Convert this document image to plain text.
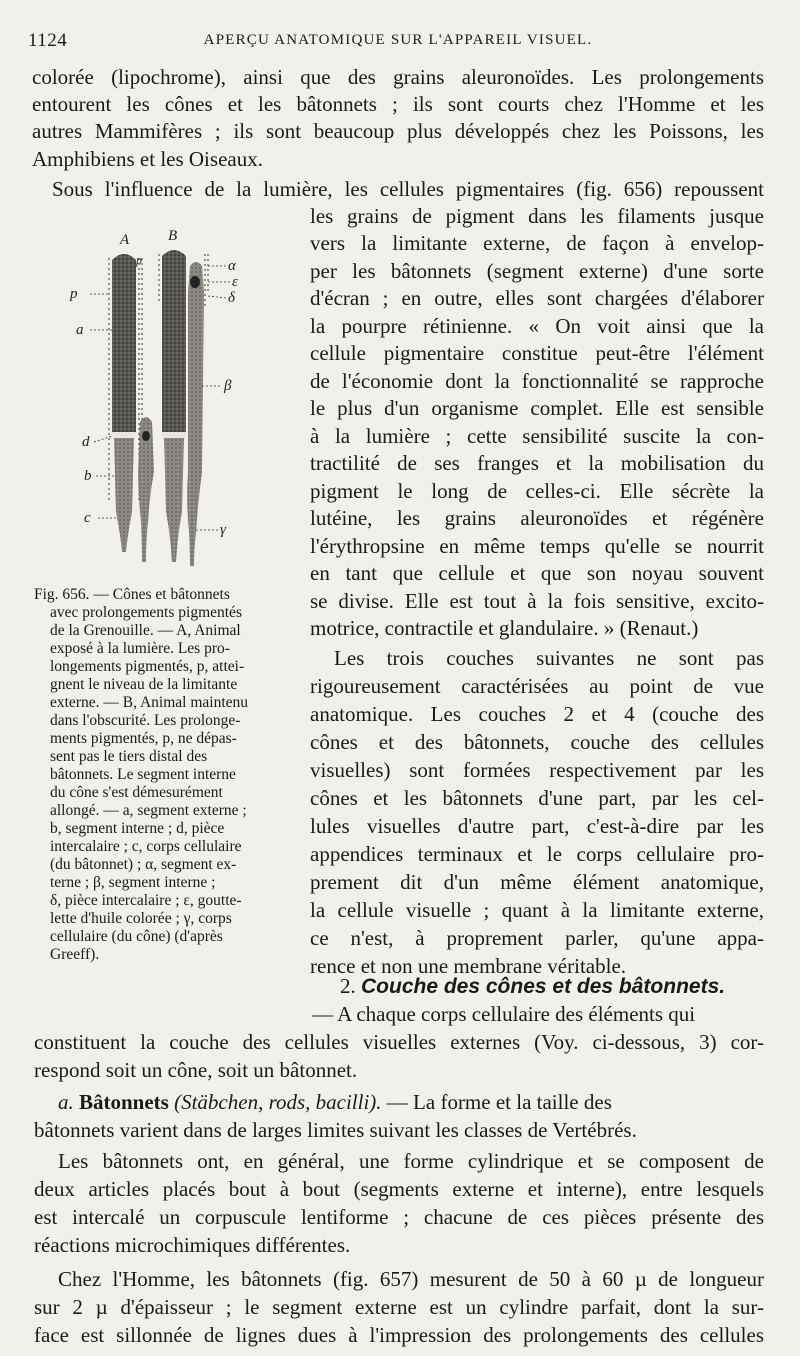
1124	APERÇU ANATOMIQUE SUR L'APPAREIL VISUEL.
colorée (lipochrome), ainsi que des grains aleuronoïdes. Les prolongements
entourent les cônes et les bâtonnets ; ils sont courts chez l'Homme et les
autres Mammifères ; ils sont beaucoup plus développés chez les Poissons, les
Amphibiens et les Oiseaux.
Sous l'influence de la lumière, les cellules pigmentaires (fig. 656) repoussent
A	B
p
p
a
d
b
c
α
ε
δ
β
γ
les grains de pigment dans les filaments jusque
vers la limitante externe, de façon à envelop-
per les bâtonnets (segment externe) d'une sorte
d'écran ; en outre, elles sont chargées d'élaborer
la pourpre rétinienne. « On voit ainsi que la
cellule pigmentaire constitue peut-être l'élément
de l'économie dont la fonctionnalité se rapproche
le plus d'un organisme complet. Elle est sensible
à la lumière ; cette sensibilité suscite la con-
tractilité de ses franges et la mobilisation du
pigment le long de celles-ci. Elle sécrète la
lutéine, les grains aleuronoïdes et régénère
l'érythropsine en même temps qu'elle se nourrit
en tant que cellule et que son noyau souvent
se divise. Elle est tout à la fois sensitive, excito-
motrice, contractile et glandulaire. » (Renaut.)
Les trois couches suivantes ne sont pas
rigoureusement caractérisées au point de vue
anatomique. Les couches 2 et 4 (couche des
cônes et des bâtonnets, couche des cellules
visuelles) sont formées respectivement par les
cônes et les bâtonnets d'une part, par les cel-
lules visuelles d'autre part, c'est-à-dire par les
appendices terminaux et le corps cellulaire pro-
prement dit d'un même élément anatomique,
la cellule visuelle ; quant à la limitante externe,
ce n'est, à proprement parler, qu'une appa-
rence et non une membrane véritable.
Fig. 656. — Cônes et bâtonnets
avec prolongements pigmentés
de la Grenouille. — A, Animal
exposé à la lumière. Les pro-
longements pigmentés, p, attei-
gnent le niveau de la limitante
externe. — B, Animal maintenu
dans l'obscurité. Les prolonge-
ments pigmentés, p, ne dépas-
sent pas le tiers distal des
bâtonnets. Le segment interne
du cône s'est démesurément
allongé. — a, segment externe ;
b, segment interne ; d, pièce
intercalaire ; c, corps cellulaire
(du bâtonnet) ; α, segment ex-
terne ; β, segment interne ;
δ, pièce intercalaire ; ε, goutte-
lette d'huile colorée ; γ, corps
cellulaire (du cône) (d'après
Greeff).
2. Couche des cônes et des bâtonnets.
— A chaque corps cellulaire des éléments qui
constituent la couche des cellules visuelles externes (Voy. ci-dessous, 3) cor-
respond soit un cône, soit un bâtonnet.
a. Bâtonnets (Stäbchen, rods, bacilli). — La forme et la taille des
bâtonnets varient dans de larges limites suivant les classes de Vertébrés.
Les bâtonnets ont, en général, une forme cylindrique et se composent de
deux articles placés bout à bout (segments externe et interne), entre lesquels
est intercalé un corpuscule lentiforme ; chacune de ces pièces présente des
réactions microchimiques différentes.
Chez l'Homme, les bâtonnets (fig. 657) mesurent de 50 à 60 µ de longueur
sur 2 µ d'épaisseur ; le segment externe est un cylindre parfait, dont la sur-
face est sillonnée de lignes dues à l'impression des prolongements des cellules
